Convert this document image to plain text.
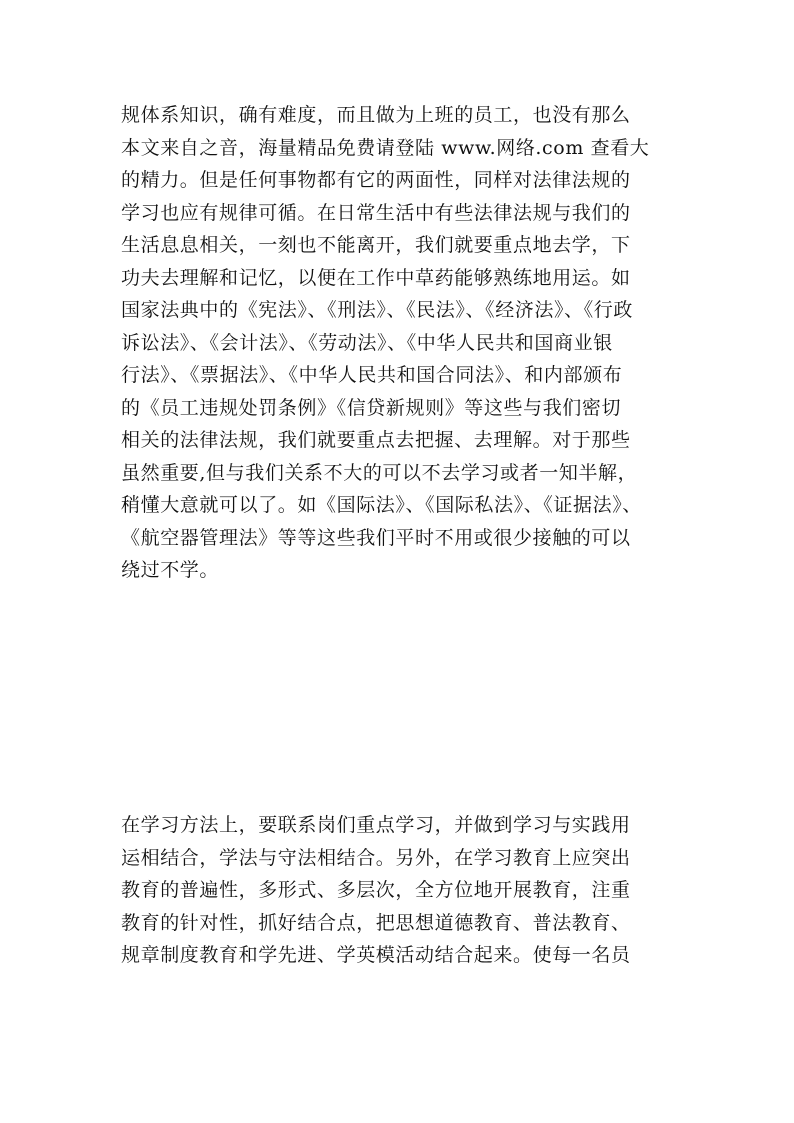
规体系知识，确有难度，而且做为上班的员工，也没有那么
本文来自之音，海量精品免费请登陆 www.网络.com 查看大
的精力。但是任何事物都有它的两面性，同样对法律法规的
学习也应有规律可循。在日常生活中有些法律法规与我们的
生活息息相关，一刻也不能离开，我们就要重点地去学，下
功夫去理解和记忆，以便在工作中草药能够熟练地用运。如
国家法典中的《宪法》、《刑法》、《民法》、《经济法》、《行政
诉讼法》、《会计法》、《劳动法》、《中华人民共和国商业银
行法》、《票据法》、《中华人民共和国合同法》、和内部颁布
的《员工违规处罚条例》《信贷新规则》等这些与我们密切
相关的法律法规，我们就要重点去把握、去理解。对于那些
虽然重要,但与我们关系不大的可以不去学习或者一知半解，
稍懂大意就可以了。如《国际法》、《国际私法》、《证据法》、
《航空器管理法》等等这些我们平时不用或很少接触的可以
绕过不学。
在学习方法上，要联系岗们重点学习，并做到学习与实践用
运相结合，学法与守法相结合。另外，在学习教育上应突出
教育的普遍性，多形式、多层次，全方位地开展教育，注重
教育的针对性，抓好结合点，把思想道德教育、普法教育、
规章制度教育和学先进、学英模活动结合起来。使每一名员
